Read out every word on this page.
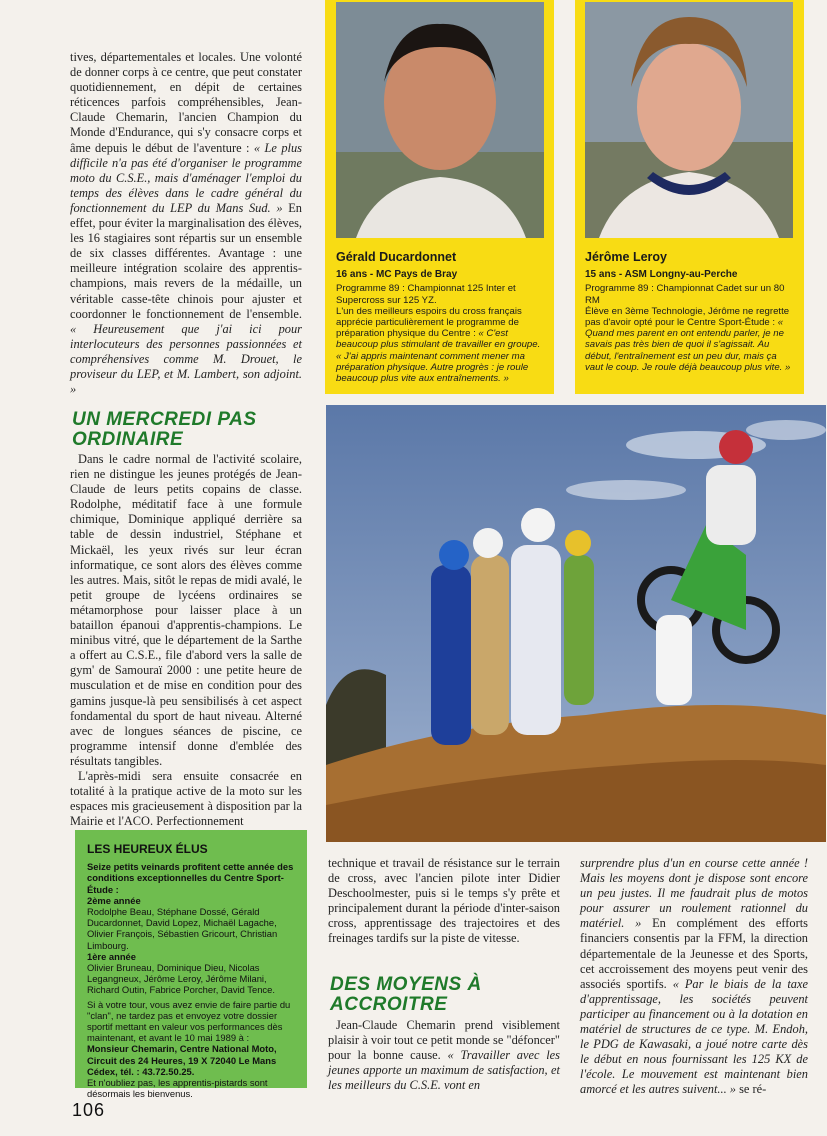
tives, départementales et locales. Une volonté de donner corps à ce centre, que peut constater quotidiennement, en dépit de certaines réticences parfois compréhensibles, Jean-Claude Chemarin, l'ancien Champion du Monde d'Endurance, qui s'y consacre corps et âme depuis le début de l'aventure : « Le plus difficile n'a pas été d'organiser le programme moto du C.S.E., mais d'aménager l'emploi du temps des élèves dans le cadre général du fonctionnement du LEP du Mans Sud. » En effet, pour éviter la marginalisation des élèves, les 16 stagiaires sont répartis sur un ensemble de six classes différentes. Avantage : une meilleure intégration scolaire des apprentis-champions, mais revers de la médaille, un véritable casse-tête chinois pour ajuster et coordonner le fonctionnement de l'ensemble. « Heureusement que j'ai ici pour interlocuteurs des personnes passionnées et compréhensives comme M. Drouet, le proviseur du LEP, et M. Lambert, son adjoint. »

UN MERCREDI PAS ORDINAIRE

Dans le cadre normal de l'activité scolaire, rien ne distingue les jeunes protégés de Jean-Claude de leurs petits copains de classe. Rodolphe, méditatif face à une formule chimique, Dominique appliqué derrière sa table de dessin industriel, Stéphane et Mickaël, les yeux rivés sur leur écran informatique, ce sont alors des élèves comme les autres. Mais, sitôt le repas de midi avalé, le petit groupe de lycéens ordinaires se métamorphose pour laisser place à un bataillon épanoui d'apprentis-champions. Le minibus vitré, que le département de la Sarthe a offert au C.S.E., file d'abord vers la salle de gym' de Samouraï 2000 : une petite heure de musculation et de mise en condition pour des gamins jusque-là peu sensibilisés à cet aspect fondamental du sport de haut niveau. Alterné avec de longues séances de piscine, ce programme intensif donne d'emblée des résultats tangibles.

L'après-midi sera ensuite consacrée en totalité à la pratique active de la moto sur les espaces mis gracieusement à disposition par la Mairie et l'ACO. Perfectionnement

Gérald Ducardonnet
16 ans - MC Pays de Bray
Programme 89 : Championnat 125 Inter et Supercross sur 125 YZ.
L'un des meilleurs espoirs du cross français apprécie particulièrement le programme de préparation physique du Centre : « C'est beaucoup plus stimulant de travailler en groupe. « J'ai appris maintenant comment mener ma préparation physique. Autre progrès : je roule beaucoup plus vite aux entraînements. »
Jérôme Leroy
15 ans - ASM Longny-au-Perche
Programme 89 : Championnat Cadet sur un 80 RM
Élève en 3ème Technologie, Jérôme ne regrette pas d'avoir opté pour le Centre Sport-Étude : « Quand mes parent en ont entendu parler, je ne savais pas très bien de quoi il s'agissait. Au début, l'entraînement est un peu dur, mais ça vaut le coup. Je roule déjà beaucoup plus vite. »
LES HEUREUX ÉLUS
Seize petits veinards profitent cette année des conditions exceptionnelles du Centre Sport-Étude :
2ème année
Rodolphe Beau, Stéphane Dossé, Gérald Ducardonnet, David Lopez, Michaël Lagache, Olivier François, Sébastien Gricourt, Christian Limbourg.
1ère année
Olivier Bruneau, Dominique Dieu, Nicolas Legangneux, Jérôme Leroy, Jérôme Milani, Richard Outin, Fabrice Porcher, David Tence.
Si à votre tour, vous avez envie de faire partie du "clan", ne tardez pas et envoyez votre dossier sportif mettant en valeur vos performances dès maintenant, et avant le 10 mai 1989 à :
Monsieur Chemarin, Centre National Moto, Circuit des 24 Heures, 19 X 72040 Le Mans Cédex, tél. : 43.72.50.25.
Et n'oubliez pas, les apprentis-pistards sont désormais les bienvenus.

technique et travail de résistance sur le terrain de cross, avec l'ancien pilote inter Didier Deschoolmester, puis si le temps s'y prête et principalement durant la période d'inter-saison cross, apprentissage des trajectoires et des freinages tardifs sur la piste de vitesse.

DES MOYENS À ACCROITRE

Jean-Claude Chemarin prend visiblement plaisir à voir tout ce petit monde se "défoncer" pour la bonne cause. « Travailler avec les jeunes apporte un maximum de satisfaction, et les meilleurs du C.S.E. vont en

surprendre plus d'un en course cette année ! Mais les moyens dont je dispose sont encore un peu justes. Il me faudrait plus de motos pour assurer un roulement rationnel du matériel. » En complément des efforts financiers consentis par la FFM, la direction départementale de la Jeunesse et des Sports, cet accroissement des moyens peut venir des associés sportifs. « Par le biais de la taxe d'apprentissage, les sociétés peuvent participer au financement ou à la dotation en matériel de structures de ce type. M. Endoh, le PDG de Kawasaki, a joué notre carte dès le début en nous fournissant les 125 KX de l'école. Le mouvement est maintenant bien amorcé et les autres suivent... » se ré-

106
